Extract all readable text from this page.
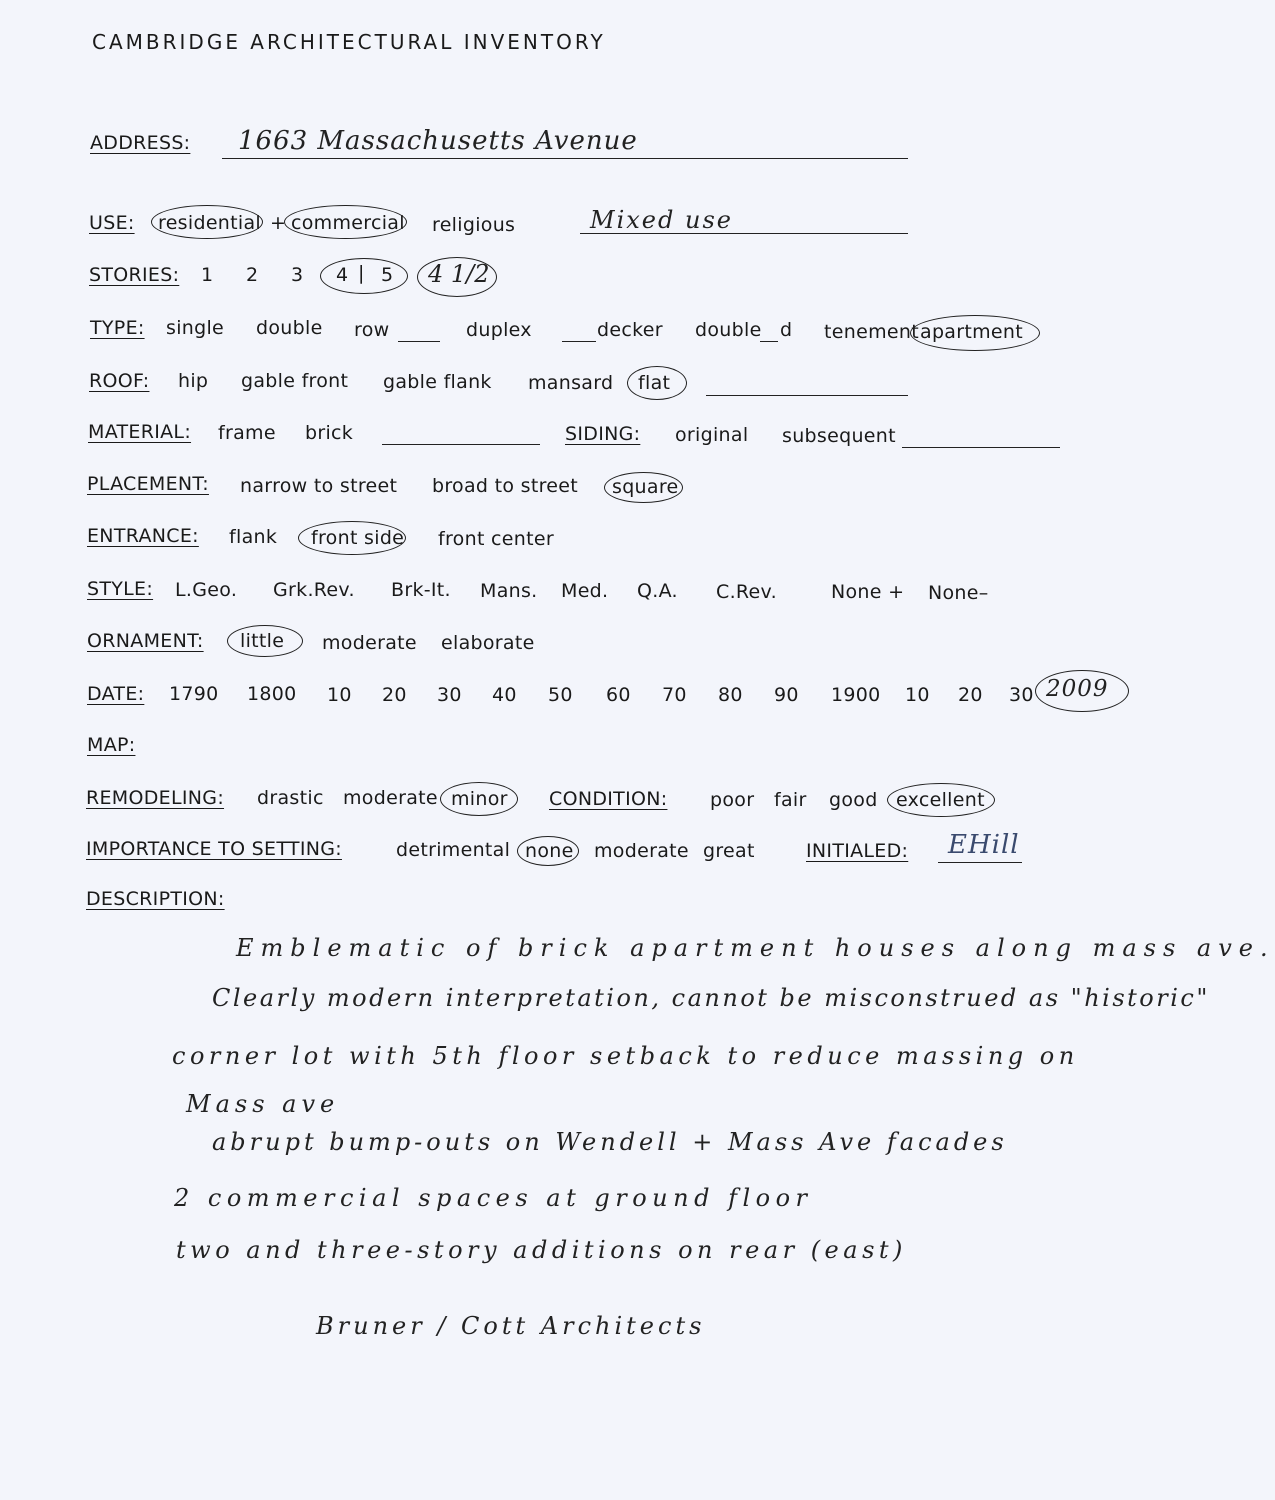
CAMBRIDGE ARCHITECTURAL INVENTORY
ADDRESS: 1663 Massachusetts Avenue
USE: residential + commercial religious	Mixed use
STORIES: 1 2 3 4 | 5 4 1/2
TYPE: single double row	duplex	decker double d tenement apartment
ROOF: hip gable front gable flank mansard flat
MATERIAL: frame brick	SIDING: original subsequent
PLACEMENT: narrow to street broad to street square
ENTRANCE: flank front side front center
STYLE: L.Geo. Grk.Rev. Brk-It. Mans. Med. Q.A. C.Rev.	None + None–
ORNAMENT: little moderate elaborate
DATE: 1790 1800 10 20 30 40 50 60 70 80 90 1900 10 20 30 2009
MAP:
REMODELING: drastic moderate minor CONDITION: poor fair good excellent
IMPORTANCE TO SETTING:	detrimental none moderate great	INITIALED: EHill
DESCRIPTION:
Emblematic of brick apartment houses along mass ave.
Clearly modern interpretation, cannot be misconstrued as "historic"
corner lot with 5th floor setback to reduce massing on
Mass ave
abrupt bump-outs on Wendell + Mass Ave facades
2 commercial spaces at ground floor
two and three-story additions on rear (east)
Bruner / Cott Architects
